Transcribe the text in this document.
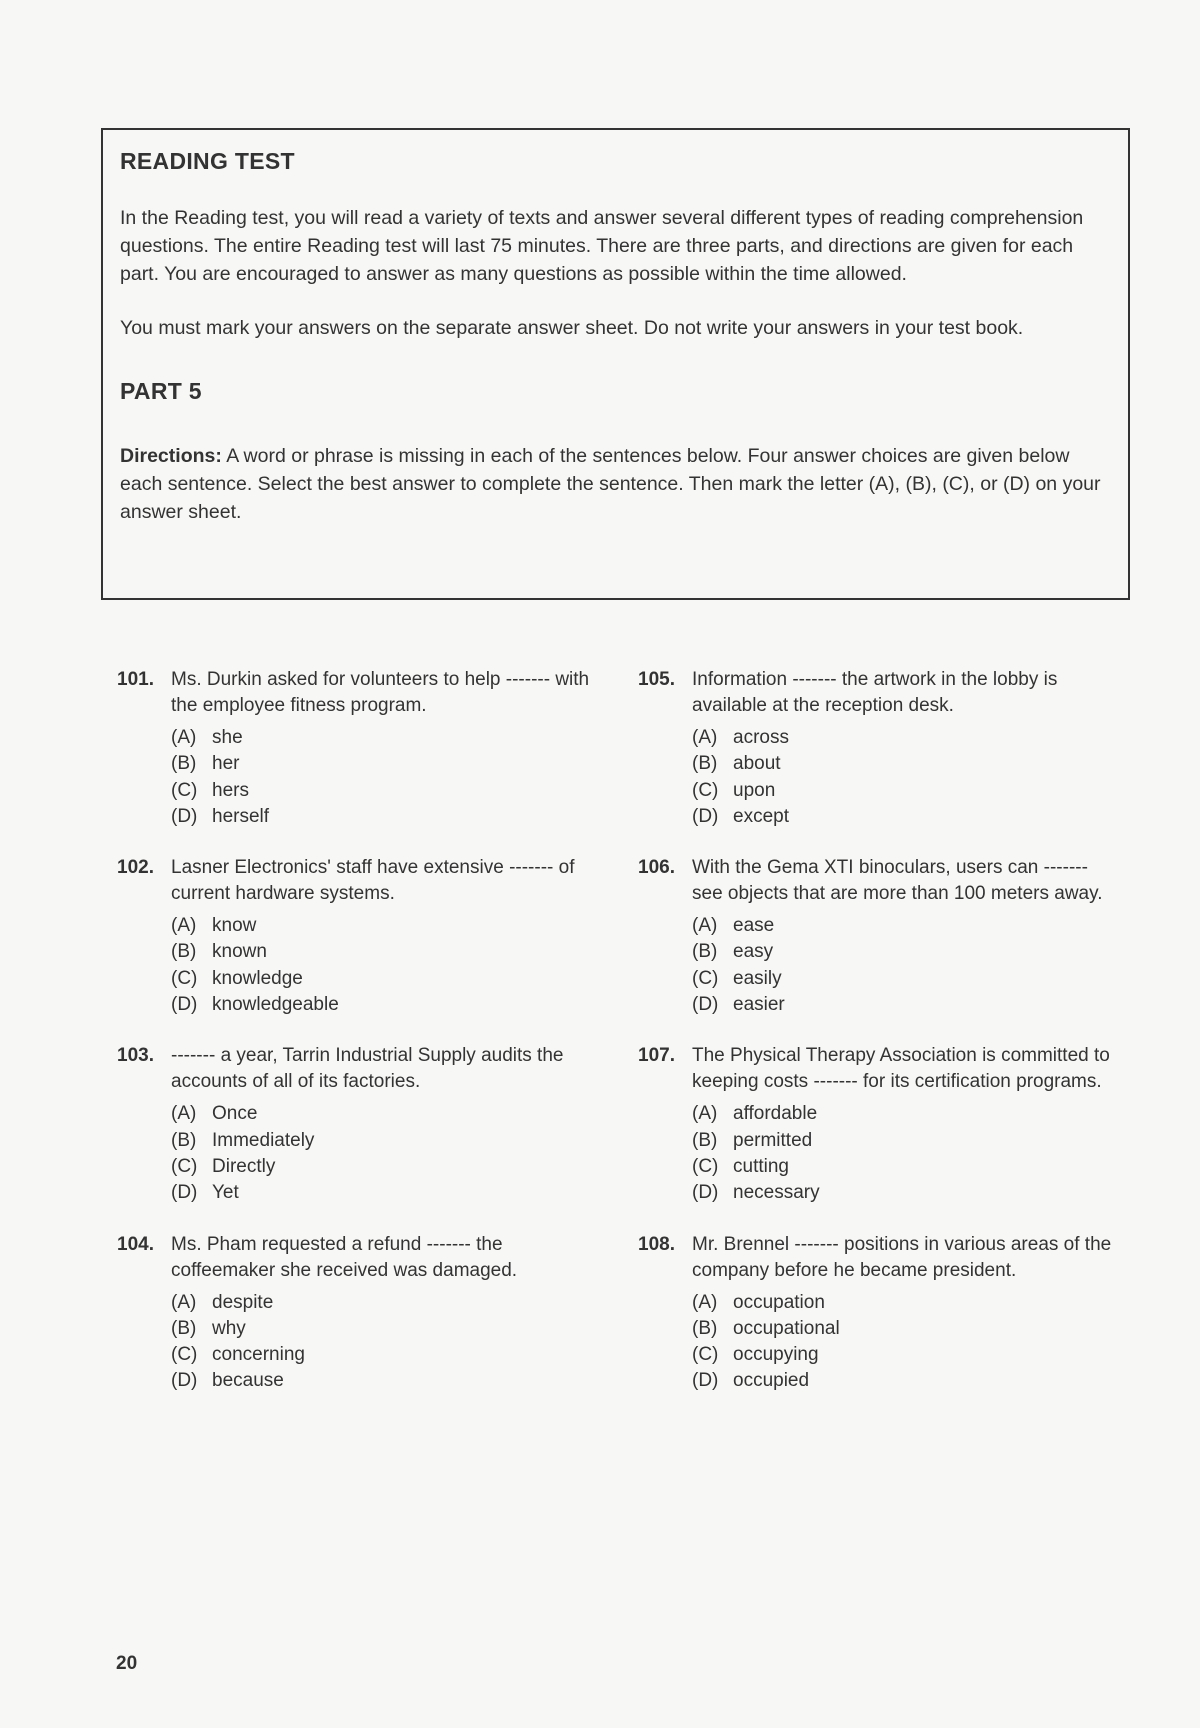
READING TEST

In the Reading test, you will read a variety of texts and answer several different types of reading comprehension questions. The entire Reading test will last 75 minutes. There are three parts, and directions are given for each part. You are encouraged to answer as many questions as possible within the time allowed.

You must mark your answers on the separate answer sheet. Do not write your answers in your test book.

PART 5

Directions: A word or phrase is missing in each of the sentences below. Four answer choices are given below each sentence. Select the best answer to complete the sentence. Then mark the letter (A), (B), (C), or (D) on your answer sheet.

101. Ms. Durkin asked for volunteers to help ------- with the employee fitness program.
(A) she
(B) her
(C) hers
(D) herself
102. Lasner Electronics' staff have extensive ------- of current hardware systems.
(A) know
(B) known
(C) knowledge
(D) knowledgeable
103. ------- a year, Tarrin Industrial Supply audits the accounts of all of its factories.
(A) Once
(B) Immediately
(C) Directly
(D) Yet
104. Ms. Pham requested a refund ------- the coffeemaker she received was damaged.
(A) despite
(B) why
(C) concerning
(D) because
105. Information ------- the artwork in the lobby is available at the reception desk.
(A) across
(B) about
(C) upon
(D) except
106. With the Gema XTI binoculars, users can ------- see objects that are more than 100 meters away.
(A) ease
(B) easy
(C) easily
(D) easier
107. The Physical Therapy Association is committed to keeping costs ------- for its certification programs.
(A) affordable
(B) permitted
(C) cutting
(D) necessary
108. Mr. Brennel ------- positions in various areas of the company before he became president.
(A) occupation
(B) occupational
(C) occupying
(D) occupied
20
